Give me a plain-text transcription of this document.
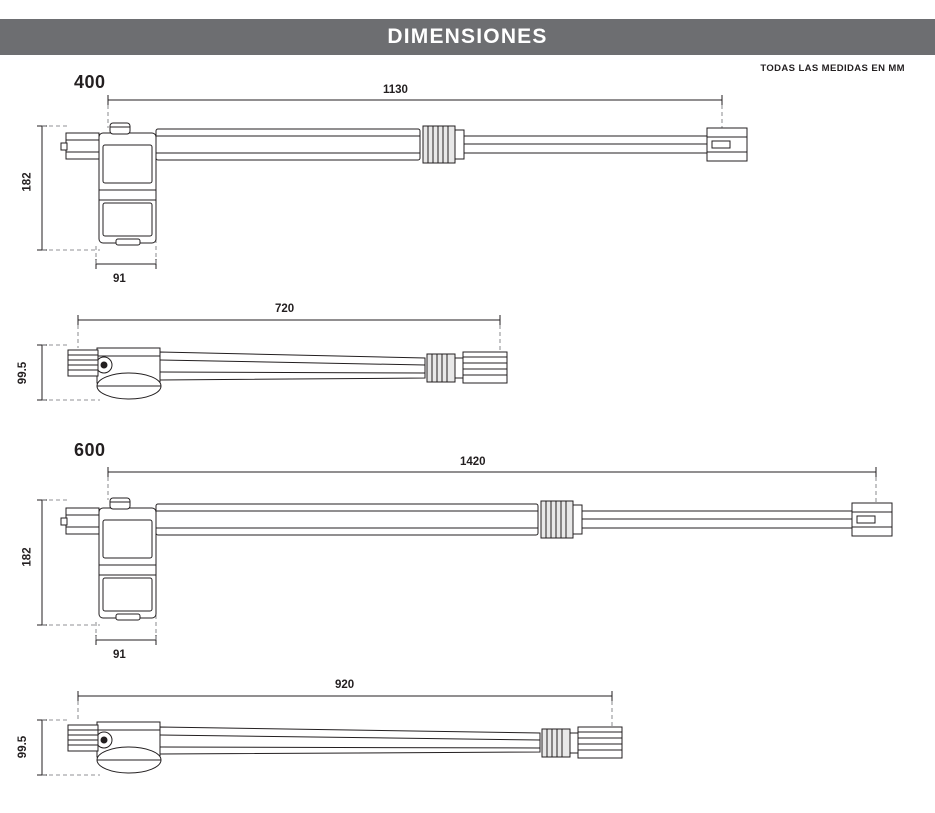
DIMENSIONES
TODAS LAS MEDIDAS EN MM
400
600
1130
182
91
720
99.5
1420
182
91
920
99.5
